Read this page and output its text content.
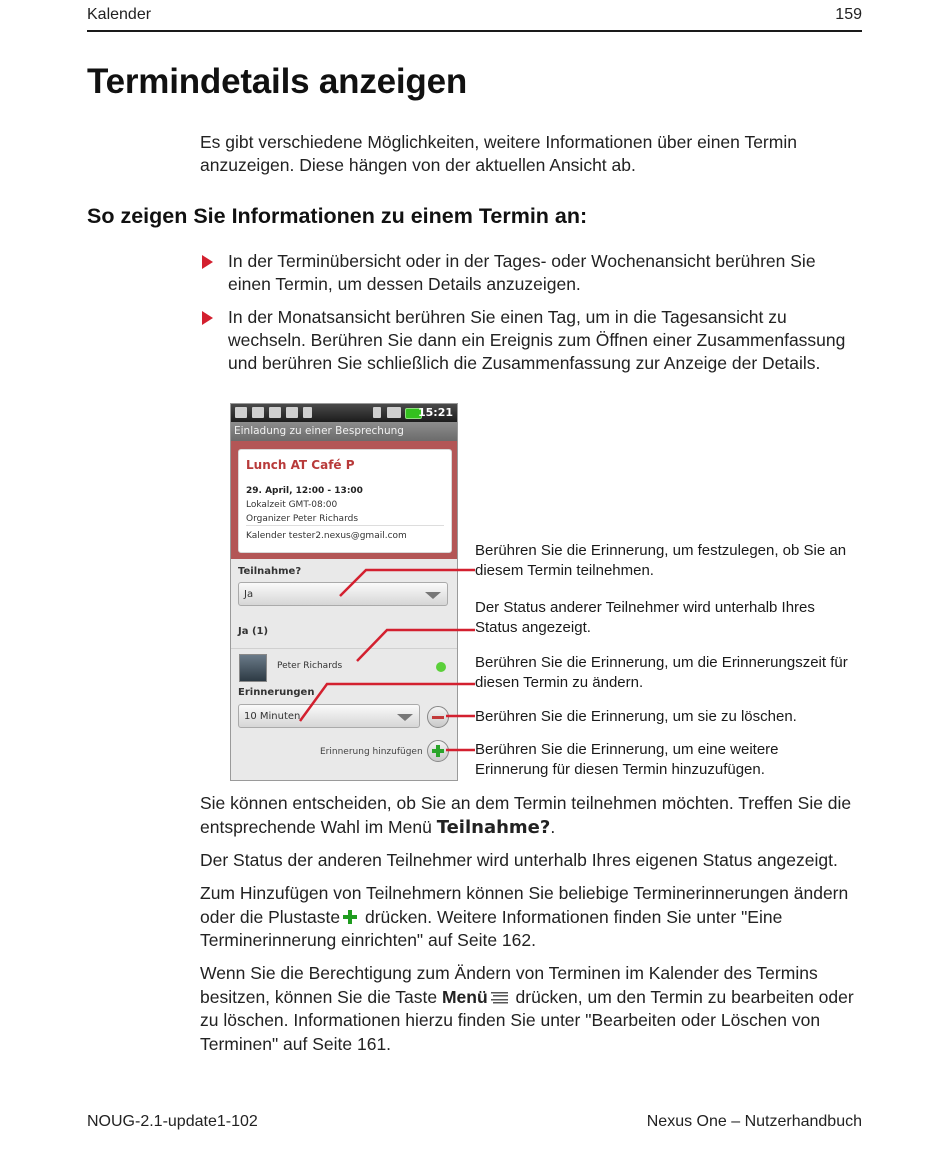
Kalender	159
Termindetails anzeigen

Es gibt verschiedene Möglichkeiten, weitere Informationen über einen Termin anzuzeigen. Diese hängen von der aktuellen Ansicht ab.

So zeigen Sie Informationen zu einem Termin an:
In der Terminübersicht oder in der Tages- oder Wochenansicht berühren Sie einen Termin, um dessen Details anzuzeigen.
In der Monatsansicht berühren Sie einen Tag, um in die Tagesansicht zu wechseln. Berühren Sie dann ein Ereignis zum Öffnen einer Zusammenfassung und berühren Sie schließlich die Zusammenfassung zur Anzeige der Details.
15:21
Einladung zu einer Besprechung
Lunch AT Café P
29. April, 12:00 - 13:00
Lokalzeit GMT-08:00
Organizer Peter Richards
Kalender tester2.nexus@gmail.com
Teilnahme?
Ja
Ja (1)
Peter Richards
Erinnerungen
10 Minuten
Erinnerung hinzufügen
Berühren Sie die Erinnerung, um festzulegen, ob Sie an diesem Termin teilnehmen.
Der Status anderer Teilnehmer wird unterhalb Ihres Status angezeigt.
Berühren Sie die Erinnerung, um die Erinnerungszeit für diesen Termin zu ändern.
Berühren Sie die Erinnerung, um sie zu löschen.
Berühren Sie die Erinnerung, um eine weitere Erinnerung für diesen Termin hinzuzufügen.

Sie können entscheiden, ob Sie an dem Termin teilnehmen möchten. Treffen Sie die entsprechende Wahl im Menü Teilnahme?.

Der Status der anderen Teilnehmer wird unterhalb Ihres eigenen Status angezeigt.

Zum Hinzufügen von Teilnehmern können Sie beliebige Terminerinnerungen ändern oder die Plustaste drücken. Weitere Informationen finden Sie unter "Eine Terminerinnerung einrichten" auf Seite 162.

Wenn Sie die Berechtigung zum Ändern von Terminen im Kalender des Termins besitzen, können Sie die Taste Menü drücken, um den Termin zu bearbeiten oder zu löschen. Informationen hierzu finden Sie unter "Bearbeiten oder Löschen von Terminen" auf Seite 161.

NOUG-2.1-update1-102	Nexus One – Nutzerhandbuch
